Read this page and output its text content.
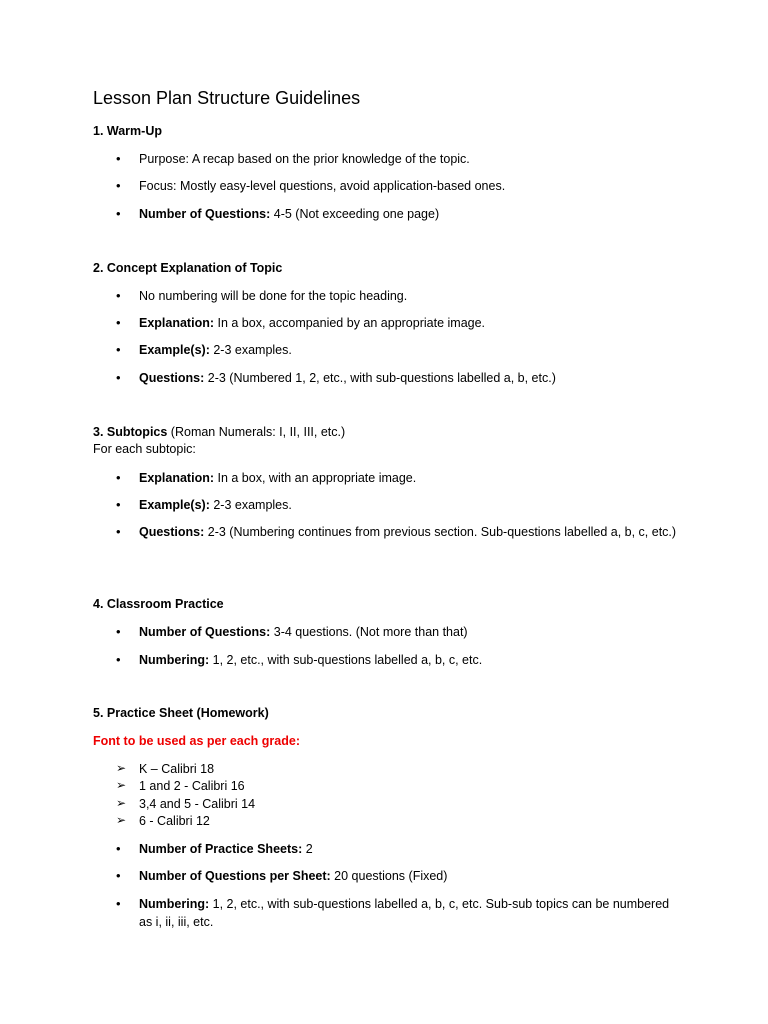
Lesson Plan Structure Guidelines
1. Warm-Up
•	Purpose: A recap based on the prior knowledge of the topic.
•	Focus: Mostly easy-level questions, avoid application-based ones.
•	Number of Questions: 4-5 (Not exceeding one page)
2. Concept Explanation of Topic
•	No numbering will be done for the topic heading.
•	Explanation: In a box, accompanied by an appropriate image.
•	Example(s): 2-3 examples.
•	Questions: 2-3 (Numbered 1, 2, etc., with sub-questions labelled a, b, etc.)
3. Subtopics (Roman Numerals: I, II, III, etc.)
For each subtopic:
•	Explanation: In a box, with an appropriate image.
•	Example(s): 2-3 examples.
•	Questions: 2-3 (Numbering continues from previous section. Sub-questions labelled a, b, c, etc.)
4. Classroom Practice
•	Number of Questions: 3-4 questions. (Not more than that)
•	Numbering: 1, 2, etc., with sub-questions labelled a, b, c, etc.
5. Practice Sheet (Homework)
Font to be used as per each grade:
➢ K – Calibri 18
➢ 1 and 2 - Calibri 16
➢ 3,4 and 5 - Calibri 14
➢ 6 - Calibri 12
•	Number of Practice Sheets: 2
•	Number of Questions per Sheet: 20 questions (Fixed)
•	Numbering: 1, 2, etc., with sub-questions labelled a, b, c, etc. Sub-sub topics can be numbered as i, ii, iii, etc.
